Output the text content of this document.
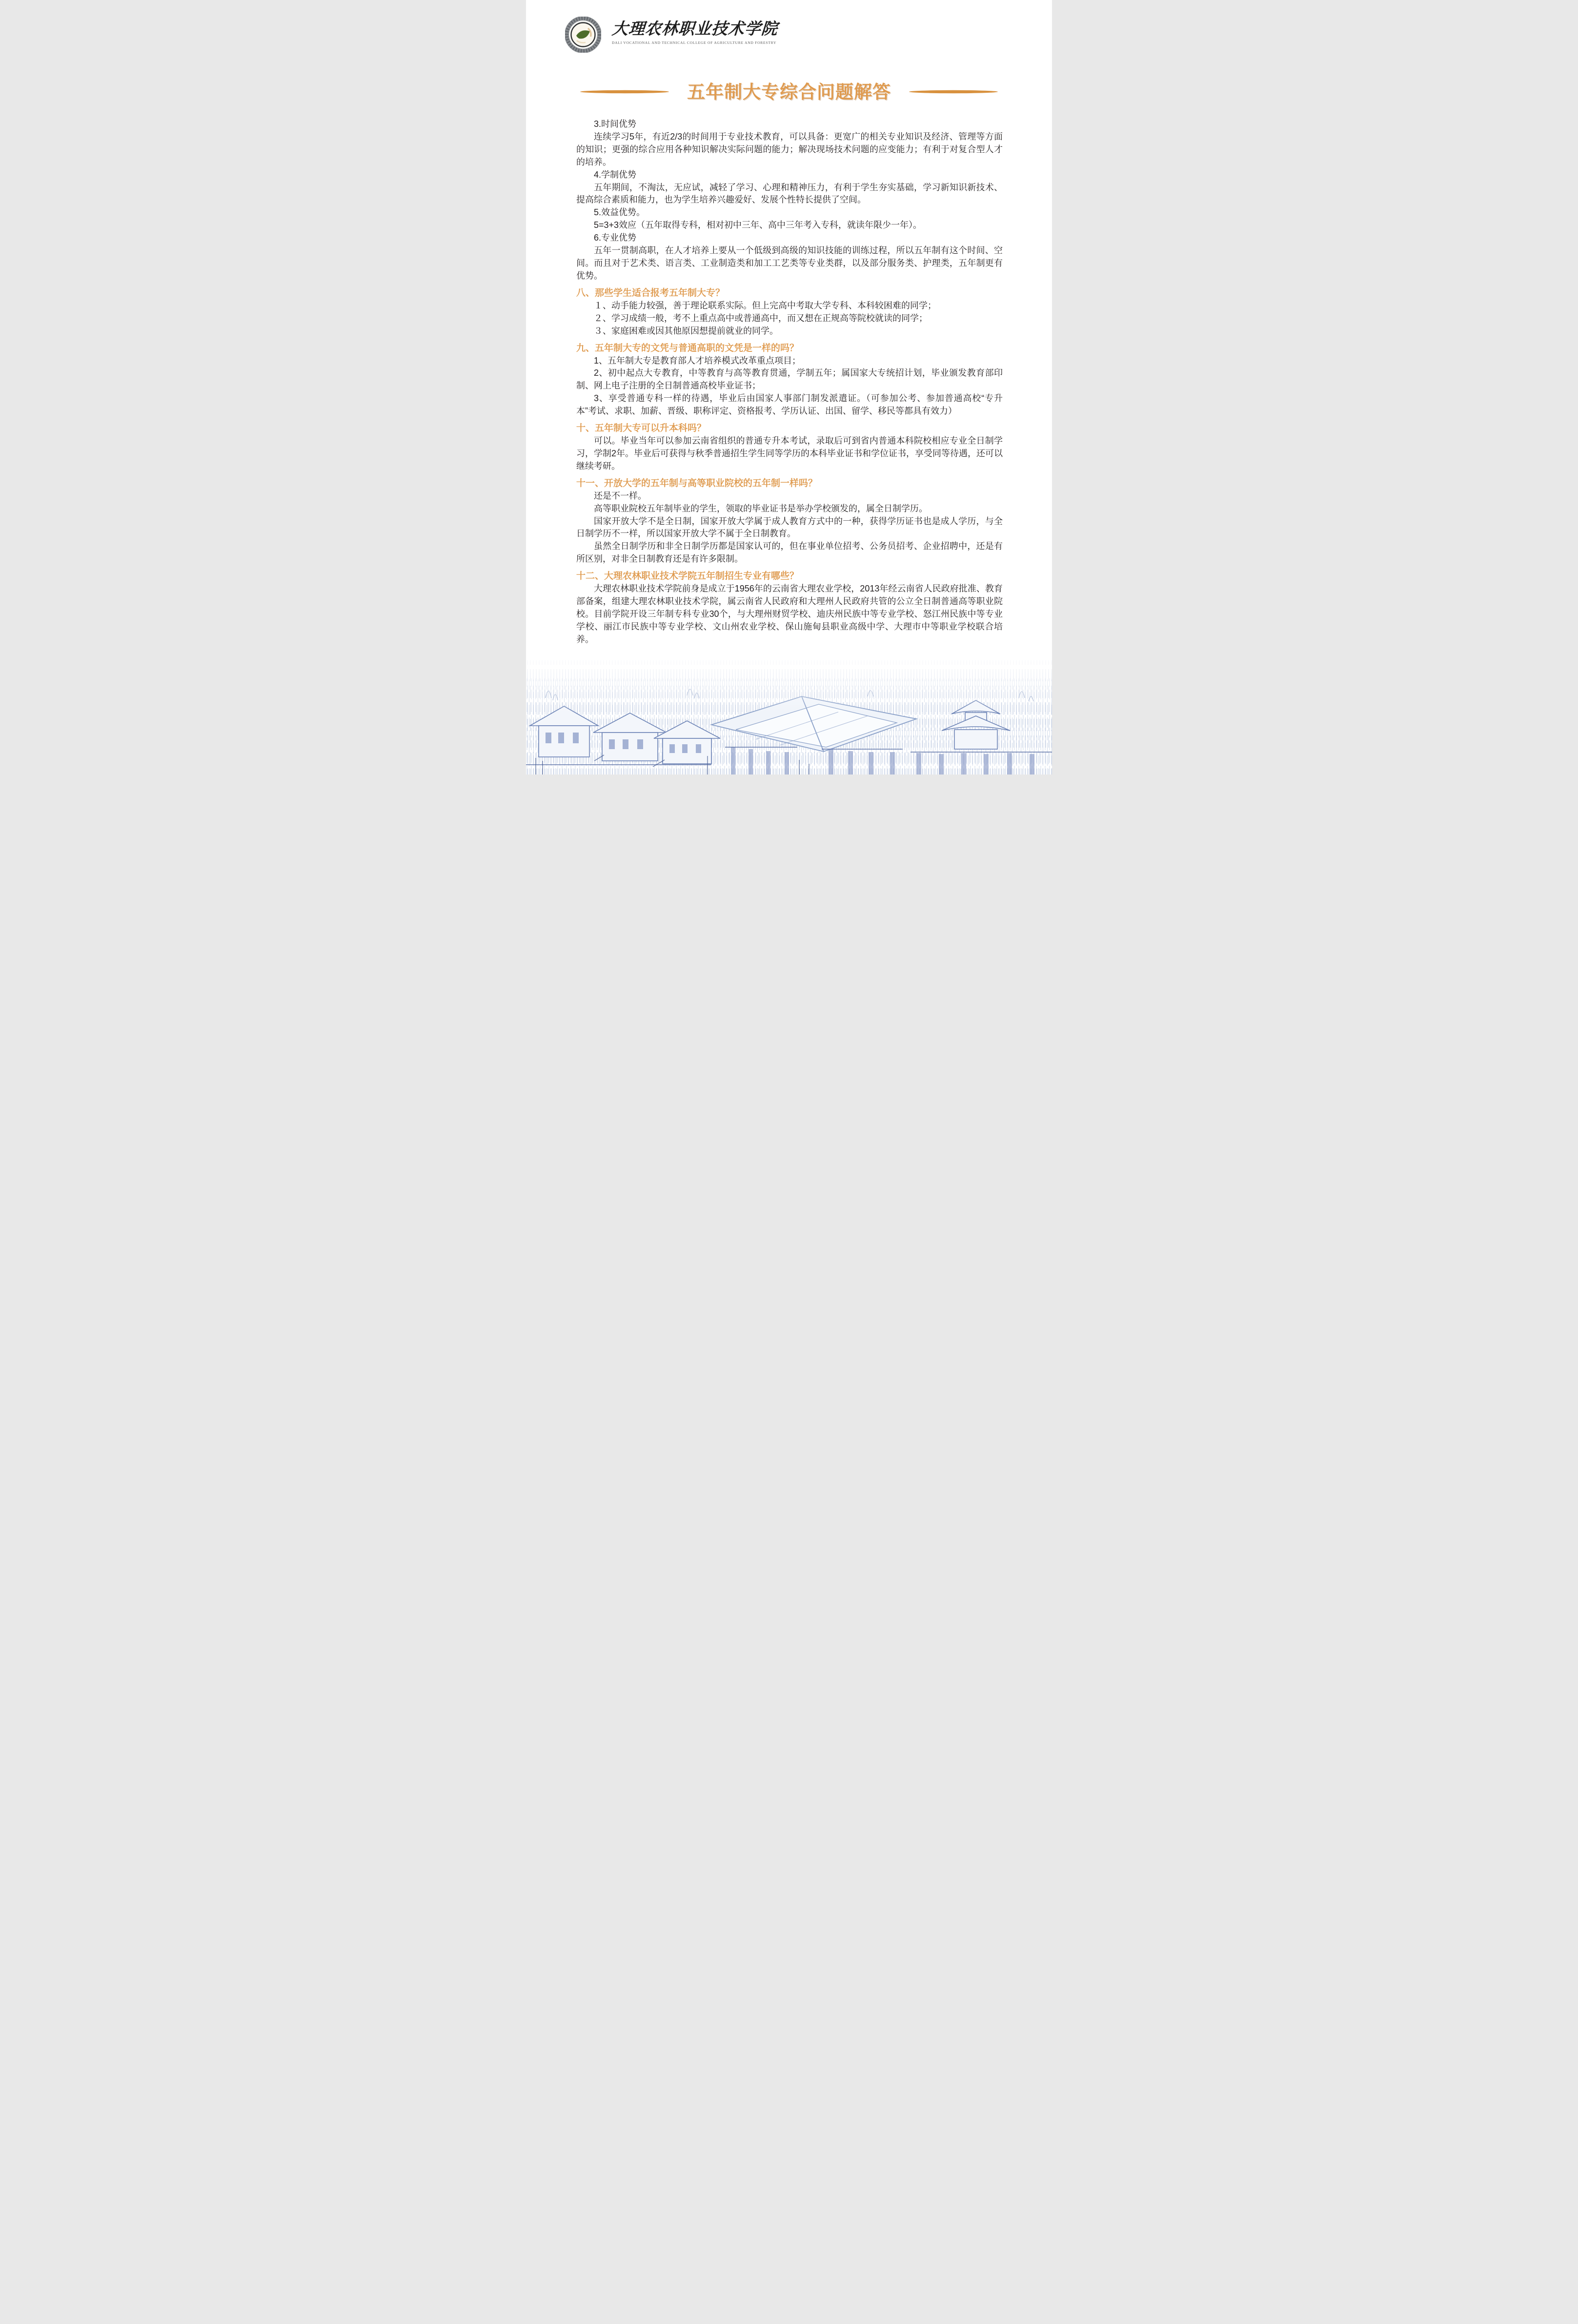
大理农林职业技术学院
DALI VOCATIONAL AND TECHNICAL COLLEGE OF AGRICULTURE AND FORESTRY
五年制大专综合问题解答

3.时间优势

连续学习5年，有近2/3的时间用于专业技术教育，可以具备：更宽广的相关专业知识及经济、管理等方面的知识；更强的综合应用各种知识解决实际问题的能力；解决现场技术问题的应变能力；有利于对复合型人才的培养。

4.学制优势

五年期间，不淘汰，无应试，减轻了学习、心理和精神压力，有利于学生夯实基础，学习新知识新技术、提高综合素质和能力，也为学生培养兴趣爱好、发展个性特长提供了空间。

5.效益优势。

5=3+3效应（五年取得专科，相对初中三年、高中三年考入专科，就读年限少一年）。

6.专业优势

五年一贯制高职，在人才培养上要从一个低级到高级的知识技能的训练过程，所以五年制有这个时间、空间。而且对于艺术类、语言类、工业制造类和加工工艺类等专业类群，以及部分服务类、护理类，五年制更有优势。

八、那些学生适合报考五年制大专？

１、动手能力较强，善于理论联系实际。但上完高中考取大学专科、本科较困难的同学；

２、学习成绩一般，考不上重点高中或普通高中，而又想在正规高等院校就读的同学；

３、家庭困难或因其他原因想提前就业的同学。

九、五年制大专的文凭与普通高职的文凭是一样的吗？

1、五年制大专是教育部人才培养模式改革重点项目；

2、初中起点大专教育，中等教育与高等教育贯通，学制五年；属国家大专统招计划，毕业颁发教育部印制、网上电子注册的全日制普通高校毕业证书；

3、享受普通专科一样的待遇，毕业后由国家人事部门制发派遣证。（可参加公考、参加普通高校“专升本”考试、求职、加薪、晋级、职称评定、资格报考、学历认证、出国、留学、移民等都具有效力）

十、五年制大专可以升本科吗？

可以。毕业当年可以参加云南省组织的普通专升本考试，录取后可到省内普通本科院校相应专业全日制学习，学制2年。毕业后可获得与秋季普通招生学生同等学历的本科毕业证书和学位证书，享受同等待遇，还可以继续考研。

十一、开放大学的五年制与高等职业院校的五年制一样吗？

还是不一样。

高等职业院校五年制毕业的学生，领取的毕业证书是举办学校颁发的，属全日制学历。

国家开放大学不是全日制，国家开放大学属于成人教育方式中的一种，获得学历证书也是成人学历，与全日制学历不一样，所以国家开放大学不属于全日制教育。

虽然全日制学历和非全日制学历都是国家认可的，但在事业单位招考、公务员招考、企业招聘中，还是有所区别，对非全日制教育还是有许多限制。

十二、大理农林职业技术学院五年制招生专业有哪些？

大理农林职业技术学院前身是成立于1956年的云南省大理农业学校，2013年经云南省人民政府批准、教育部备案，组建大理农林职业技术学院，属云南省人民政府和大理州人民政府共管的公立全日制普通高等职业院校。目前学院开设三年制专科专业30个，与大理州财贸学校、迪庆州民族中等专业学校、怒江州民族中等专业学校、丽江市民族中等专业学校、文山州农业学校、保山施甸县职业高级中学、大理市中等职业学校联合培养。
